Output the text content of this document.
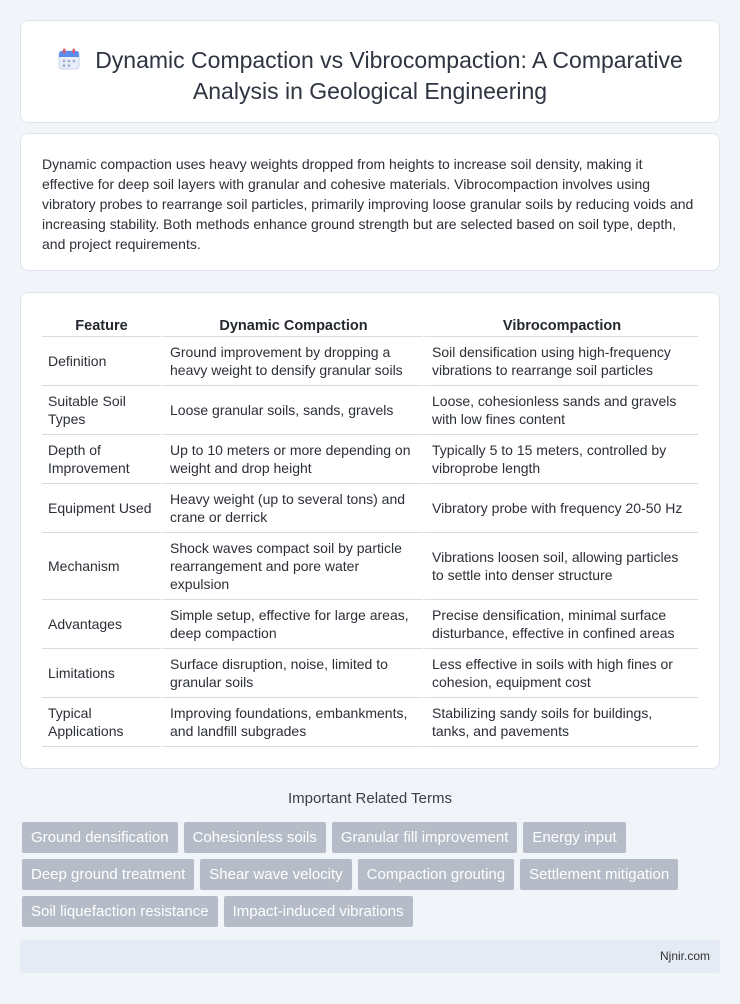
Dynamic Compaction vs Vibrocompaction: A Comparative Analysis in Geological Engineering

Dynamic compaction uses heavy weights dropped from heights to increase soil density, making it effective for deep soil layers with granular and cohesive materials. Vibrocompaction involves using vibratory probes to rearrange soil particles, primarily improving loose granular soils by reducing voids and increasing stability. Both methods enhance ground strength but are selected based on soil type, depth, and project requirements.

Feature	Dynamic Compaction	Vibrocompaction
Definition	Ground improvement by dropping a heavy weight to densify granular soils	Soil densification using high-frequency vibrations to rearrange soil particles
Suitable Soil Types	Loose granular soils, sands, gravels	Loose, cohesionless sands and gravels with low fines content
Depth of Improvement	Up to 10 meters or more depending on weight and drop height	Typically 5 to 15 meters, controlled by vibroprobe length
Equipment Used	Heavy weight (up to several tons) and crane or derrick	Vibratory probe with frequency 20-50 Hz
Mechanism	Shock waves compact soil by particle rearrangement and pore water expulsion	Vibrations loosen soil, allowing particles to settle into denser structure
Advantages	Simple setup, effective for large areas, deep compaction	Precise densification, minimal surface disturbance, effective in confined areas
Limitations	Surface disruption, noise, limited to granular soils	Less effective in soils with high fines or cohesion, equipment cost
Typical Applications	Improving foundations, embankments, and landfill subgrades	Stabilizing sandy soils for buildings, tanks, and pavements
Important Related Terms
Ground densification	Cohesionless soils	Granular fill improvement	Energy input
Deep ground treatment	Shear wave velocity	Compaction grouting	Settlement mitigation
Soil liquefaction resistance	Impact-induced vibrations
Njnir.com
